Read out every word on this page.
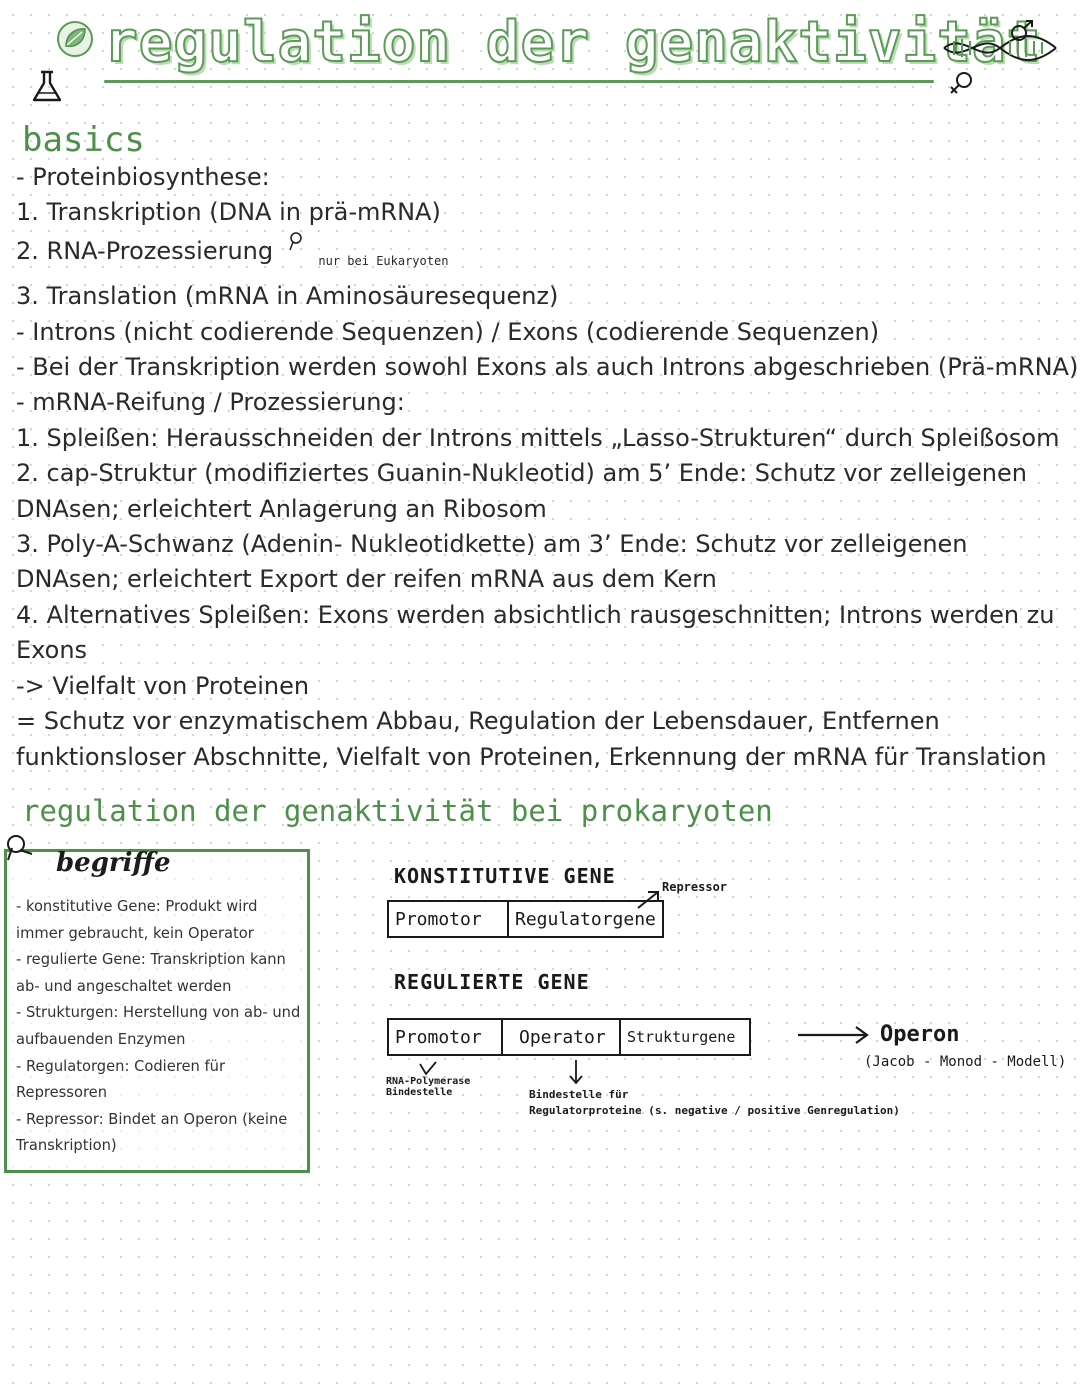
regulation der genaktivität
basics
- Proteinbiosynthese:
1. Transkription (DNA in prä-mRNA)
2. RNA-Prozessierung	$_{nur bei Eukaryoten}$
3. Translation (mRNA in Aminosäuresequenz)
- Introns (nicht codierende Sequenzen) / Exons (codierende Sequenzen)
- Bei der Transkription werden sowohl Exons als auch Introns abgeschrieben (Prä-mRNA)
- mRNA-Reifung / Prozessierung:
1. Spleißen: Herausschneiden der Introns mittels „Lasso-Strukturen“ durch Spleißosom
2. cap-Struktur (modifiziertes Guanin-Nukleotid) am 5’ Ende: Schutz vor zelleigenen DNAsen; erleichtert Anlagerung an Ribosom
3. Poly-A-Schwanz (Adenin- Nukleotidkette) am 3’ Ende: Schutz vor zelleigenen DNAsen; erleichtert Export der reifen mRNA aus dem Kern
4. Alternatives Spleißen: Exons werden absichtlich rausgeschnitten; Introns werden zu Exons
-> Vielfalt von Proteinen
= Schutz vor enzymatischem Abbau, Regulation der Lebensdauer, Entfernen funktionsloser Abschnitte, Vielfalt von Proteinen, Erkennung der mRNA für Translation
regulation der genaktivität bei prokaryoten
begriffe
- konstitutive Gene: Produkt wird immer gebraucht, kein Operator
- regulierte Gene: Transkription kann ab- und angeschaltet werden
- Strukturgen: Herstellung von ab- und aufbauenden Enzymen
- Regulatorgen: Codieren für Repressoren
- Repressor: Bindet an Operon (keine Transkription)
KONSTITUTIVE GENE
Promotor	Regulatorgene
Repressor
REGULIERTE GENE
Promotor	Operator	Strukturgene
RNA-Polymerase Bindestelle	Bindestelle für
Regulatorproteine (s. negative / positive Genregulation)
Operon
(Jacob - Monod - Modell)
